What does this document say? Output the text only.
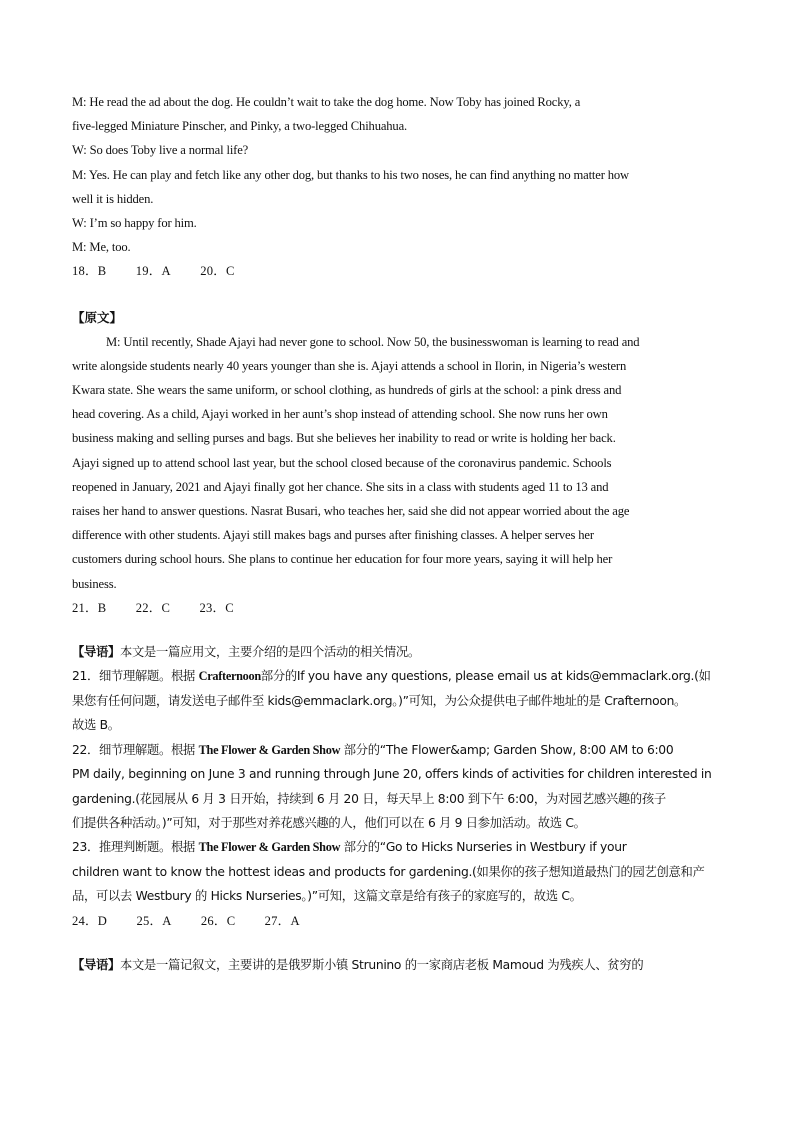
M: He read the ad about the dog. He couldn’t wait to take the dog home. Now Toby has joined Rocky, a
five-legged Miniature Pinscher, and Pinky, a two-legged Chihuahua.
W: So does Toby live a normal life?
M: Yes. He can play and fetch like any other dog, but thanks to his two noses, he can find anything no matter how
well it is hidden.
W: I’m so happy for him.
M: Me, too.
18．B 19．A 20．C
【原文】
M: Until recently, Shade Ajayi had never gone to school. Now 50, the businesswoman is learning to read and
write alongside students nearly 40 years younger than she is. Ajayi attends a school in Ilorin, in Nigeria’s western
Kwara state. She wears the same uniform, or school clothing, as hundreds of girls at the school: a pink dress and
head covering. As a child, Ajayi worked in her aunt’s shop instead of attending school. She now runs her own
business making and selling purses and bags. But she believes her inability to read or write is holding her back.
Ajayi signed up to attend school last year, but the school closed because of the coronavirus pandemic. Schools
reopened in January, 2021 and Ajayi finally got her chance. She sits in a class with students aged 11 to 13 and
raises her hand to answer questions. Nasrat Busari, who teaches her, said she did not appear worried about the age
difference with other students. Ajayi still makes bags and purses after finishing classes. A helper serves her
customers during school hours. She plans to continue her education for four more years, saying it will help her
business.
21．B 22．C 23．C
【导语】本文是一篇应用文，主要介绍的是四个活动的相关情况。
21．细节理解题。根据 Crafternoon部分的If you have any questions, please email us at kids@emmaclark.org.(如
果您有任何问题，请发送电子邮件至 kids@emmaclark.org。)”可知，为公众提供电子邮件地址的是 Crafternoon。
故选 B。
22．细节理解题。根据 The Flower & Garden Show 部分的“The Flower&amp; Garden Show, 8:00 AM to 6:00
PM daily, beginning on June 3 and running through June 20, offers kinds of activities for children interested in
gardening.(花园展从 6 月 3 日开始，持续到 6 月 20 日，每天早上 8:00 到下午 6:00，为对园艺感兴趣的孩子
们提供各种活动。)”可知，对于那些对养花感兴趣的人，他们可以在 6 月 9 日参加活动。故选 C。
23．推理判断题。根据 The Flower & Garden Show 部分的“Go to Hicks Nurseries in Westbury if your
children want to know the hottest ideas and products for gardening.(如果你的孩子想知道最热门的园艺创意和产
品，可以去 Westbury 的 Hicks Nurseries。)”可知，这篇文章是给有孩子的家庭写的，故选 C。
24．D 25．A 26．C 27．A
【导语】本文是一篇记叙文，主要讲的是俄罗斯小镇 Strunino 的一家商店老板 Mamoud 为残疾人、贫穷的
